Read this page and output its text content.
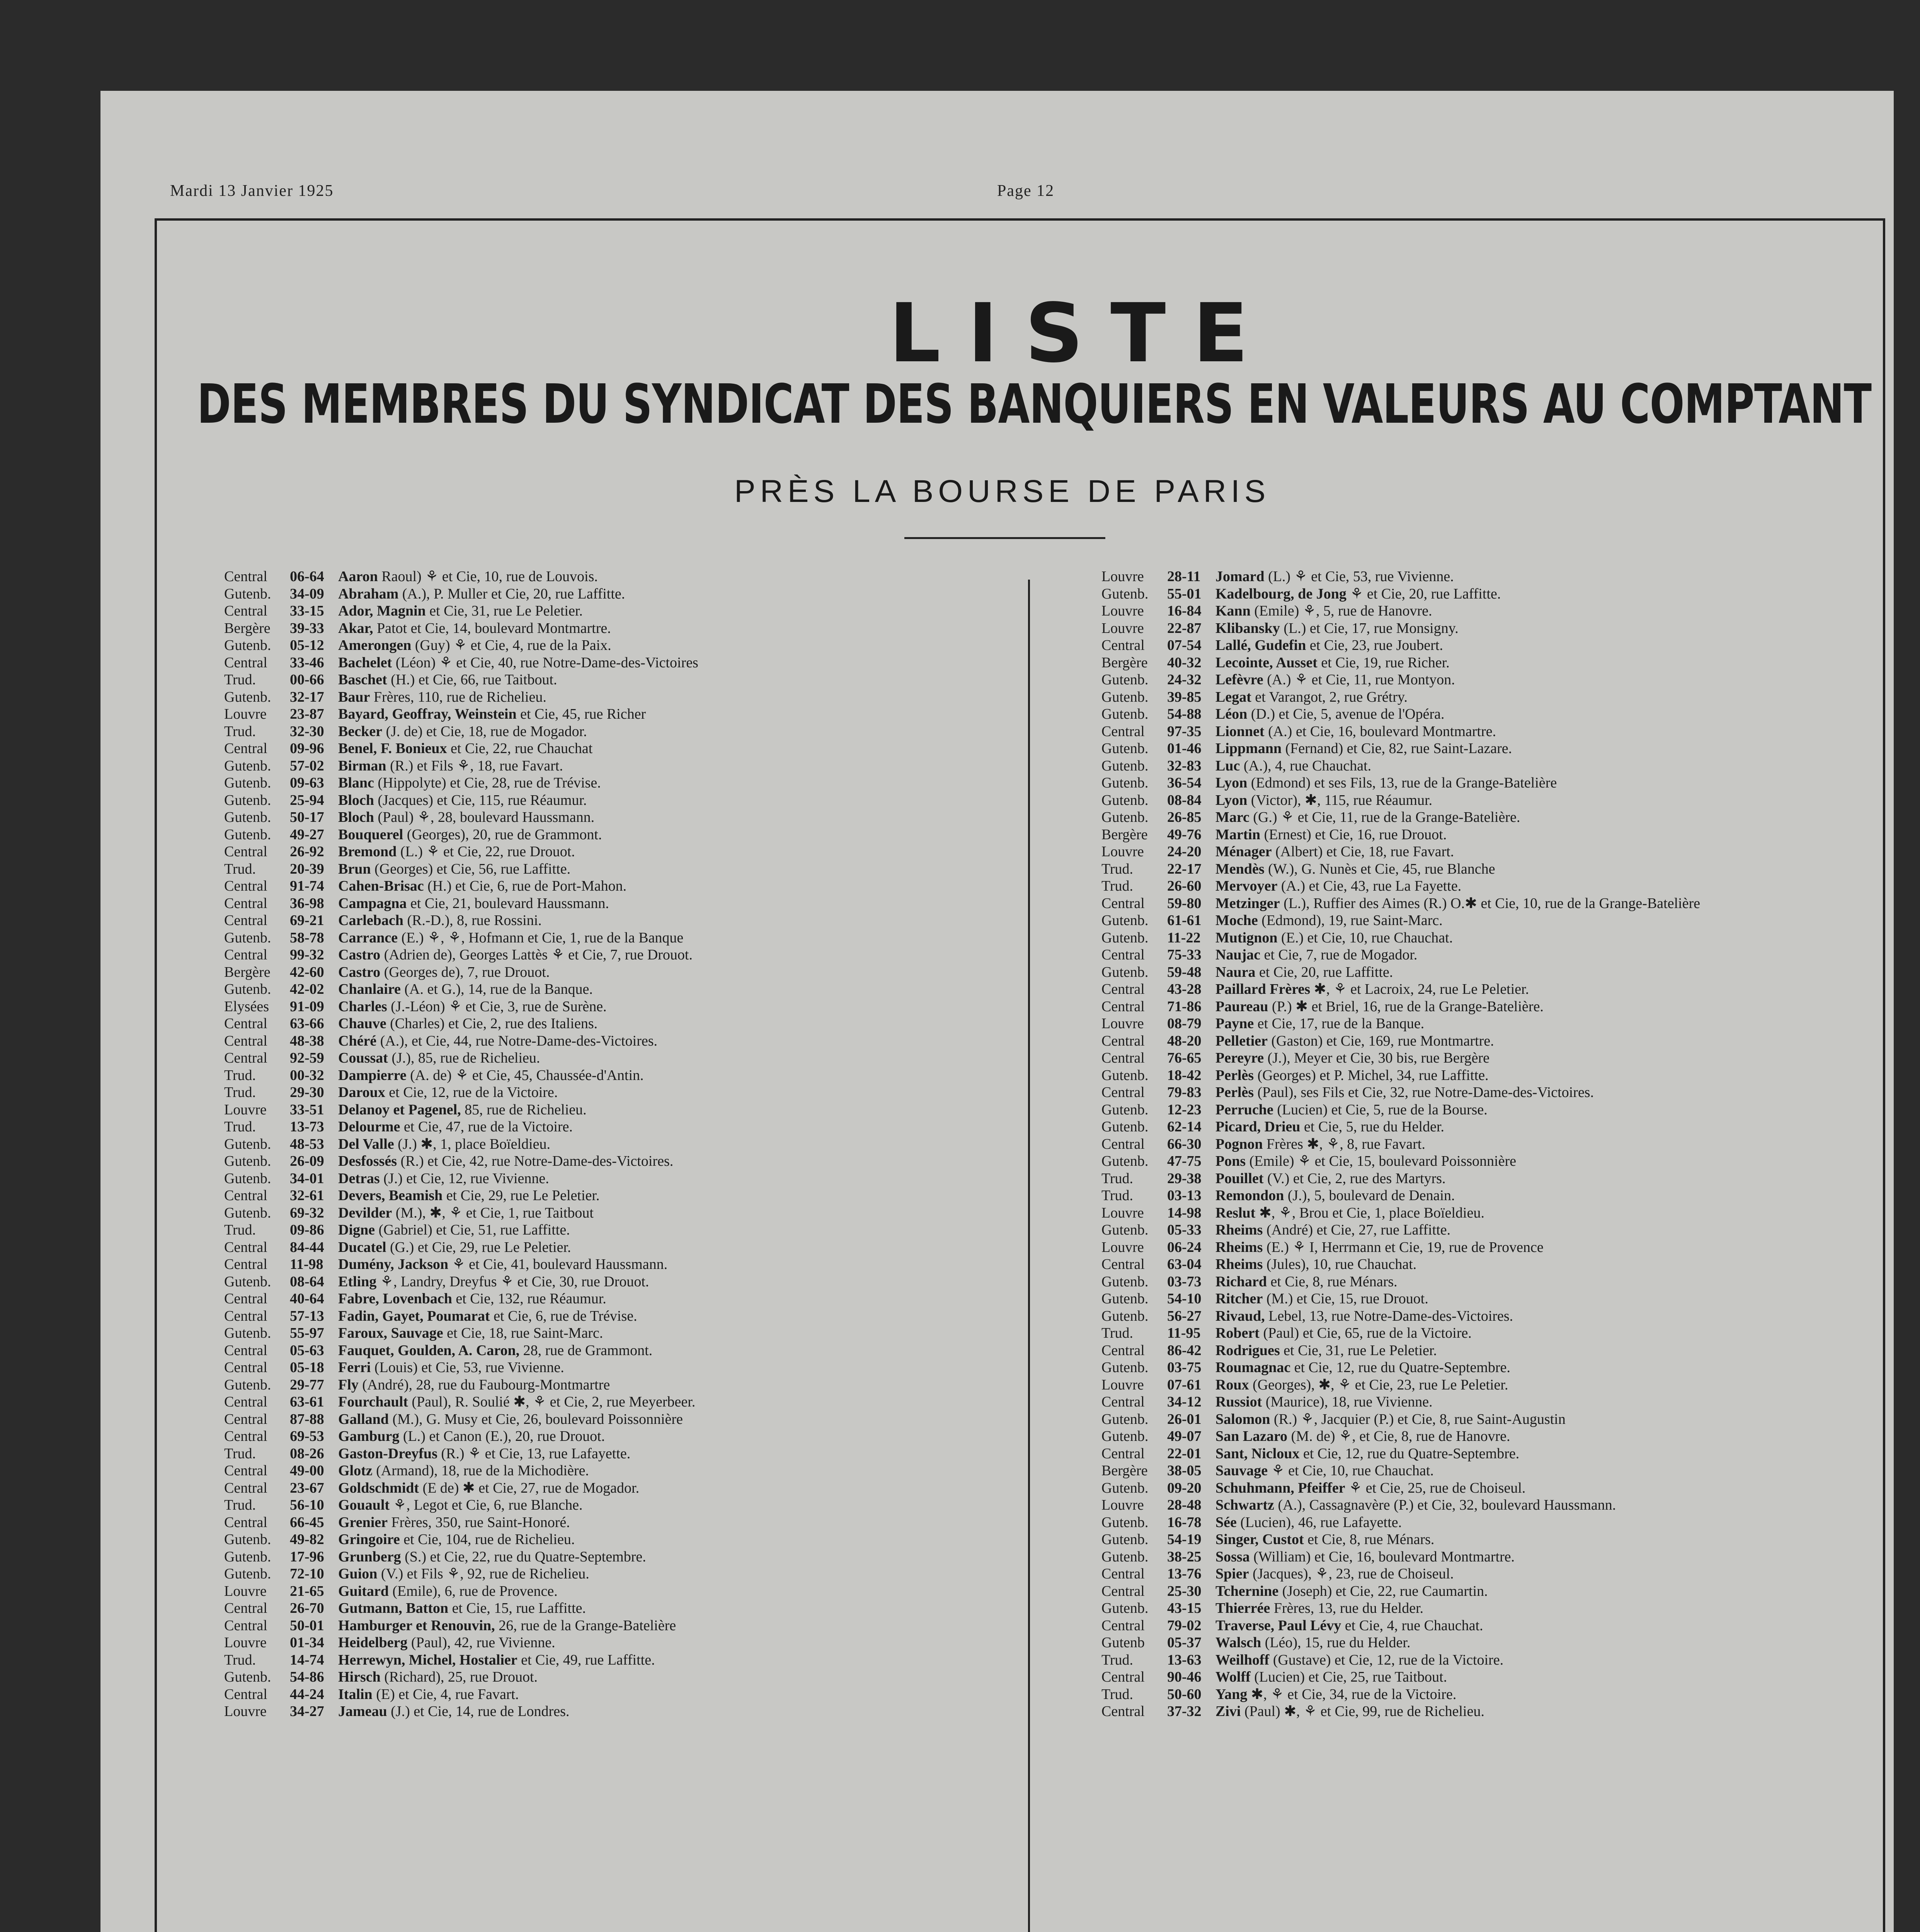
Mardi 13 Janvier 1925	Page 12
LISTE
DES MEMBRES DU SYNDICAT DES BANQUIERS EN VALEURS AU COMPTANT
PRÈS LA BOURSE DE PARIS
Central 06-64 Aaron Raoul) ⚘ et Cie, 10, rue de Louvois.
Gutenb. 34-09 Abraham (A.), P. Muller et Cie, 20, rue Laffitte.
Central 33-15 Ador, Magnin et Cie, 31, rue Le Peletier.
Bergère 39-33 Akar, Patot et Cie, 14, boulevard Montmartre.
Gutenb. 05-12 Amerongen (Guy) ⚘ et Cie, 4, rue de la Paix.
Central 33-46 Bachelet (Léon) ⚘ et Cie, 40, rue Notre-Dame-des-Victoires
Trud. 00-66 Baschet (H.) et Cie, 66, rue Taitbout.
Gutenb. 32-17 Baur Frères, 110, rue de Richelieu.
Louvre 23-87 Bayard, Geoffray, Weinstein et Cie, 45, rue Richer
Trud. 32-30 Becker (J. de) et Cie, 18, rue de Mogador.
Central 09-96 Benel, F. Bonieux et Cie, 22, rue Chauchat
Gutenb. 57-02 Birman (R.) et Fils ⚘, 18, rue Favart.
Gutenb. 09-63 Blanc (Hippolyte) et Cie, 28, rue de Trévise.
Gutenb. 25-94 Bloch (Jacques) et Cie, 115, rue Réaumur.
Gutenb. 50-17 Bloch (Paul) ⚘, 28, boulevard Haussmann.
Gutenb. 49-27 Bouquerel (Georges), 20, rue de Grammont.
Central 26-92 Bremond (L.) ⚘ et Cie, 22, rue Drouot.
Trud. 20-39 Brun (Georges) et Cie, 56, rue Laffitte.
Central 91-74 Cahen-Brisac (H.) et Cie, 6, rue de Port-Mahon.
Central 36-98 Campagna et Cie, 21, boulevard Haussmann.
Central 69-21 Carlebach (R.-D.), 8, rue Rossini.
Gutenb. 58-78 Carrance (E.) ⚘, ⚘, Hofmann et Cie, 1, rue de la Banque
Central 99-32 Castro (Adrien de), Georges Lattès ⚘ et Cie, 7, rue Drouot.
Bergère 42-60 Castro (Georges de), 7, rue Drouot.
Gutenb. 42-02 Chanlaire (A. et G.), 14, rue de la Banque.
Elysées 91-09 Charles (J.-Léon) ⚘ et Cie, 3, rue de Surène.
Central 63-66 Chauve (Charles) et Cie, 2, rue des Italiens.
Central 48-38 Chéré (A.), et Cie, 44, rue Notre-Dame-des-Victoires.
Central 92-59 Coussat (J.), 85, rue de Richelieu.
Trud. 00-32 Dampierre (A. de) ⚘ et Cie, 45, Chaussée-d'Antin.
Trud. 29-30 Daroux et Cie, 12, rue de la Victoire.
Louvre 33-51 Delanoy et Pagenel, 85, rue de Richelieu.
Trud. 13-73 Delourme et Cie, 47, rue de la Victoire.
Gutenb. 48-53 Del Valle (J.) ✱, 1, place Boïeldieu.
Gutenb. 26-09 Desfossés (R.) et Cie, 42, rue Notre-Dame-des-Victoires.
Gutenb. 34-01 Detras (J.) et Cie, 12, rue Vivienne.
Central 32-61 Devers, Beamish et Cie, 29, rue Le Peletier.
Gutenb. 69-32 Devilder (M.), ✱, ⚘ et Cie, 1, rue Taitbout
Trud. 09-86 Digne (Gabriel) et Cie, 51, rue Laffitte.
Central 84-44 Ducatel (G.) et Cie, 29, rue Le Peletier.
Central 11-98 Dumény, Jackson ⚘ et Cie, 41, boulevard Haussmann.
Gutenb. 08-64 Etling ⚘, Landry, Dreyfus ⚘ et Cie, 30, rue Drouot.
Central 40-64 Fabre, Lovenbach et Cie, 132, rue Réaumur.
Central 57-13 Fadin, Gayet, Poumarat et Cie, 6, rue de Trévise.
Gutenb. 55-97 Faroux, Sauvage et Cie, 18, rue Saint-Marc.
Central 05-63 Fauquet, Goulden, A. Caron, 28, rue de Grammont.
Central 05-18 Ferri (Louis) et Cie, 53, rue Vivienne.
Gutenb. 29-77 Fly (André), 28, rue du Faubourg-Montmartre
Central 63-61 Fourchault (Paul), R. Soulié ✱, ⚘ et Cie, 2, rue Meyerbeer.
Central 87-88 Galland (M.), G. Musy et Cie, 26, boulevard Poissonnière
Central 69-53 Gamburg (L.) et Canon (E.), 20, rue Drouot.
Trud. 08-26 Gaston-Dreyfus (R.) ⚘ et Cie, 13, rue Lafayette.
Central 49-00 Glotz (Armand), 18, rue de la Michodière.
Central 23-67 Goldschmidt (E de) ✱ et Cie, 27, rue de Mogador.
Trud. 56-10 Gouault ⚘, Legot et Cie, 6, rue Blanche.
Central 66-45 Grenier Frères, 350, rue Saint-Honoré.
Gutenb. 49-82 Gringoire et Cie, 104, rue de Richelieu.
Gutenb. 17-96 Grunberg (S.) et Cie, 22, rue du Quatre-Septembre.
Gutenb. 72-10 Guion (V.) et Fils ⚘, 92, rue de Richelieu.
Louvre 21-65 Guitard (Emile), 6, rue de Provence.
Central 26-70 Gutmann, Batton et Cie, 15, rue Laffitte.
Central 50-01 Hamburger et Renouvin, 26, rue de la Grange-Batelière
Louvre 01-34 Heidelberg (Paul), 42, rue Vivienne.
Trud. 14-74 Herrewyn, Michel, Hostalier et Cie, 49, rue Laffitte.
Gutenb. 54-86 Hirsch (Richard), 25, rue Drouot.
Central 44-24 Italin (E) et Cie, 4, rue Favart.
Louvre 34-27 Jameau (J.) et Cie, 14, rue de Londres.
Louvre 28-11 Jomard (L.) ⚘ et Cie, 53, rue Vivienne.
Gutenb. 55-01 Kadelbourg, de Jong ⚘ et Cie, 20, rue Laffitte.
Louvre 16-84 Kann (Emile) ⚘, 5, rue de Hanovre.
Louvre 22-87 Klibansky (L.) et Cie, 17, rue Monsigny.
Central 07-54 Lallé, Gudefin et Cie, 23, rue Joubert.
Bergère 40-32 Lecointe, Ausset et Cie, 19, rue Richer.
Gutenb. 24-32 Lefèvre (A.) ⚘ et Cie, 11, rue Montyon.
Gutenb. 39-85 Legat et Varangot, 2, rue Grétry.
Gutenb. 54-88 Léon (D.) et Cie, 5, avenue de l'Opéra.
Central 97-35 Lionnet (A.) et Cie, 16, boulevard Montmartre.
Gutenb. 01-46 Lippmann (Fernand) et Cie, 82, rue Saint-Lazare.
Gutenb. 32-83 Luc (A.), 4, rue Chauchat.
Gutenb. 36-54 Lyon (Edmond) et ses Fils, 13, rue de la Grange-Batelière
Gutenb. 08-84 Lyon (Victor), ✱, 115, rue Réaumur.
Gutenb. 26-85 Marc (G.) ⚘ et Cie, 11, rue de la Grange-Batelière.
Bergère 49-76 Martin (Ernest) et Cie, 16, rue Drouot.
Louvre 24-20 Ménager (Albert) et Cie, 18, rue Favart.
Trud. 22-17 Mendès (W.), G. Nunès et Cie, 45, rue Blanche
Trud. 26-60 Mervoyer (A.) et Cie, 43, rue La Fayette.
Central 59-80 Metzinger (L.), Ruffier des Aimes (R.) O.✱ et Cie, 10, rue de la Grange-Batelière
Gutenb. 61-61 Moche (Edmond), 19, rue Saint-Marc.
Gutenb. 11-22 Mutignon (E.) et Cie, 10, rue Chauchat.
Central 75-33 Naujac et Cie, 7, rue de Mogador.
Gutenb. 59-48 Naura et Cie, 20, rue Laffitte.
Central 43-28 Paillard Frères ✱, ⚘ et Lacroix, 24, rue Le Peletier.
Central 71-86 Paureau (P.) ✱ et Briel, 16, rue de la Grange-Batelière.
Louvre 08-79 Payne et Cie, 17, rue de la Banque.
Central 48-20 Pelletier (Gaston) et Cie, 169, rue Montmartre.
Central 76-65 Pereyre (J.), Meyer et Cie, 30 bis, rue Bergère
Gutenb. 18-42 Perlès (Georges) et P. Michel, 34, rue Laffitte.
Central 79-83 Perlès (Paul), ses Fils et Cie, 32, rue Notre-Dame-des-Victoires.
Gutenb. 12-23 Perruche (Lucien) et Cie, 5, rue de la Bourse.
Gutenb. 62-14 Picard, Drieu et Cie, 5, rue du Helder.
Central 66-30 Pognon Frères ✱, ⚘, 8, rue Favart.
Gutenb. 47-75 Pons (Emile) ⚘ et Cie, 15, boulevard Poissonnière
Trud. 29-38 Pouillet (V.) et Cie, 2, rue des Martyrs.
Trud. 03-13 Remondon (J.), 5, boulevard de Denain.
Louvre 14-98 Reslut ✱, ⚘, Brou et Cie, 1, place Boïeldieu.
Gutenb. 05-33 Rheims (André) et Cie, 27, rue Laffitte.
Louvre 06-24 Rheims (E.) ⚘ I, Herrmann et Cie, 19, rue de Provence
Central 63-04 Rheims (Jules), 10, rue Chauchat.
Gutenb. 03-73 Richard et Cie, 8, rue Ménars.
Gutenb. 54-10 Ritcher (M.) et Cie, 15, rue Drouot.
Gutenb. 56-27 Rivaud, Lebel, 13, rue Notre-Dame-des-Victoires.
Trud. 11-95 Robert (Paul) et Cie, 65, rue de la Victoire.
Central 86-42 Rodrigues et Cie, 31, rue Le Peletier.
Gutenb. 03-75 Roumagnac et Cie, 12, rue du Quatre-Septembre.
Louvre 07-61 Roux (Georges), ✱, ⚘ et Cie, 23, rue Le Peletier.
Central 34-12 Russiot (Maurice), 18, rue Vivienne.
Gutenb. 26-01 Salomon (R.) ⚘, Jacquier (P.) et Cie, 8, rue Saint-Augustin
Gutenb. 49-07 San Lazaro (M. de) ⚘, et Cie, 8, rue de Hanovre.
Central 22-01 Sant, Nicloux et Cie, 12, rue du Quatre-Septembre.
Bergère 38-05 Sauvage ⚘ et Cie, 10, rue Chauchat.
Gutenb. 09-20 Schuhmann, Pfeiffer ⚘ et Cie, 25, rue de Choiseul.
Louvre 28-48 Schwartz (A.), Cassagnavère (P.) et Cie, 32, boulevard Haussmann.
Gutenb. 16-78 Sée (Lucien), 46, rue Lafayette.
Gutenb. 54-19 Singer, Custot et Cie, 8, rue Ménars.
Gutenb. 38-25 Sossa (William) et Cie, 16, boulevard Montmartre.
Central 13-76 Spier (Jacques), ⚘, 23, rue de Choiseul.
Central 25-30 Tchernine (Joseph) et Cie, 22, rue Caumartin.
Gutenb. 43-15 Thierrée Frères, 13, rue du Helder.
Central 79-02 Traverse, Paul Lévy et Cie, 4, rue Chauchat.
Gutenb 05-37 Walsch (Léo), 15, rue du Helder.
Trud. 13-63 Weilhoff (Gustave) et Cie, 12, rue de la Victoire.
Central 90-46 Wolff (Lucien) et Cie, 25, rue Taitbout.
Trud. 50-60 Yang ✱, ⚘ et Cie, 34, rue de la Victoire.
Central 37-32 Zivi (Paul) ✱, ⚘ et Cie, 99, rue de Richelieu.
